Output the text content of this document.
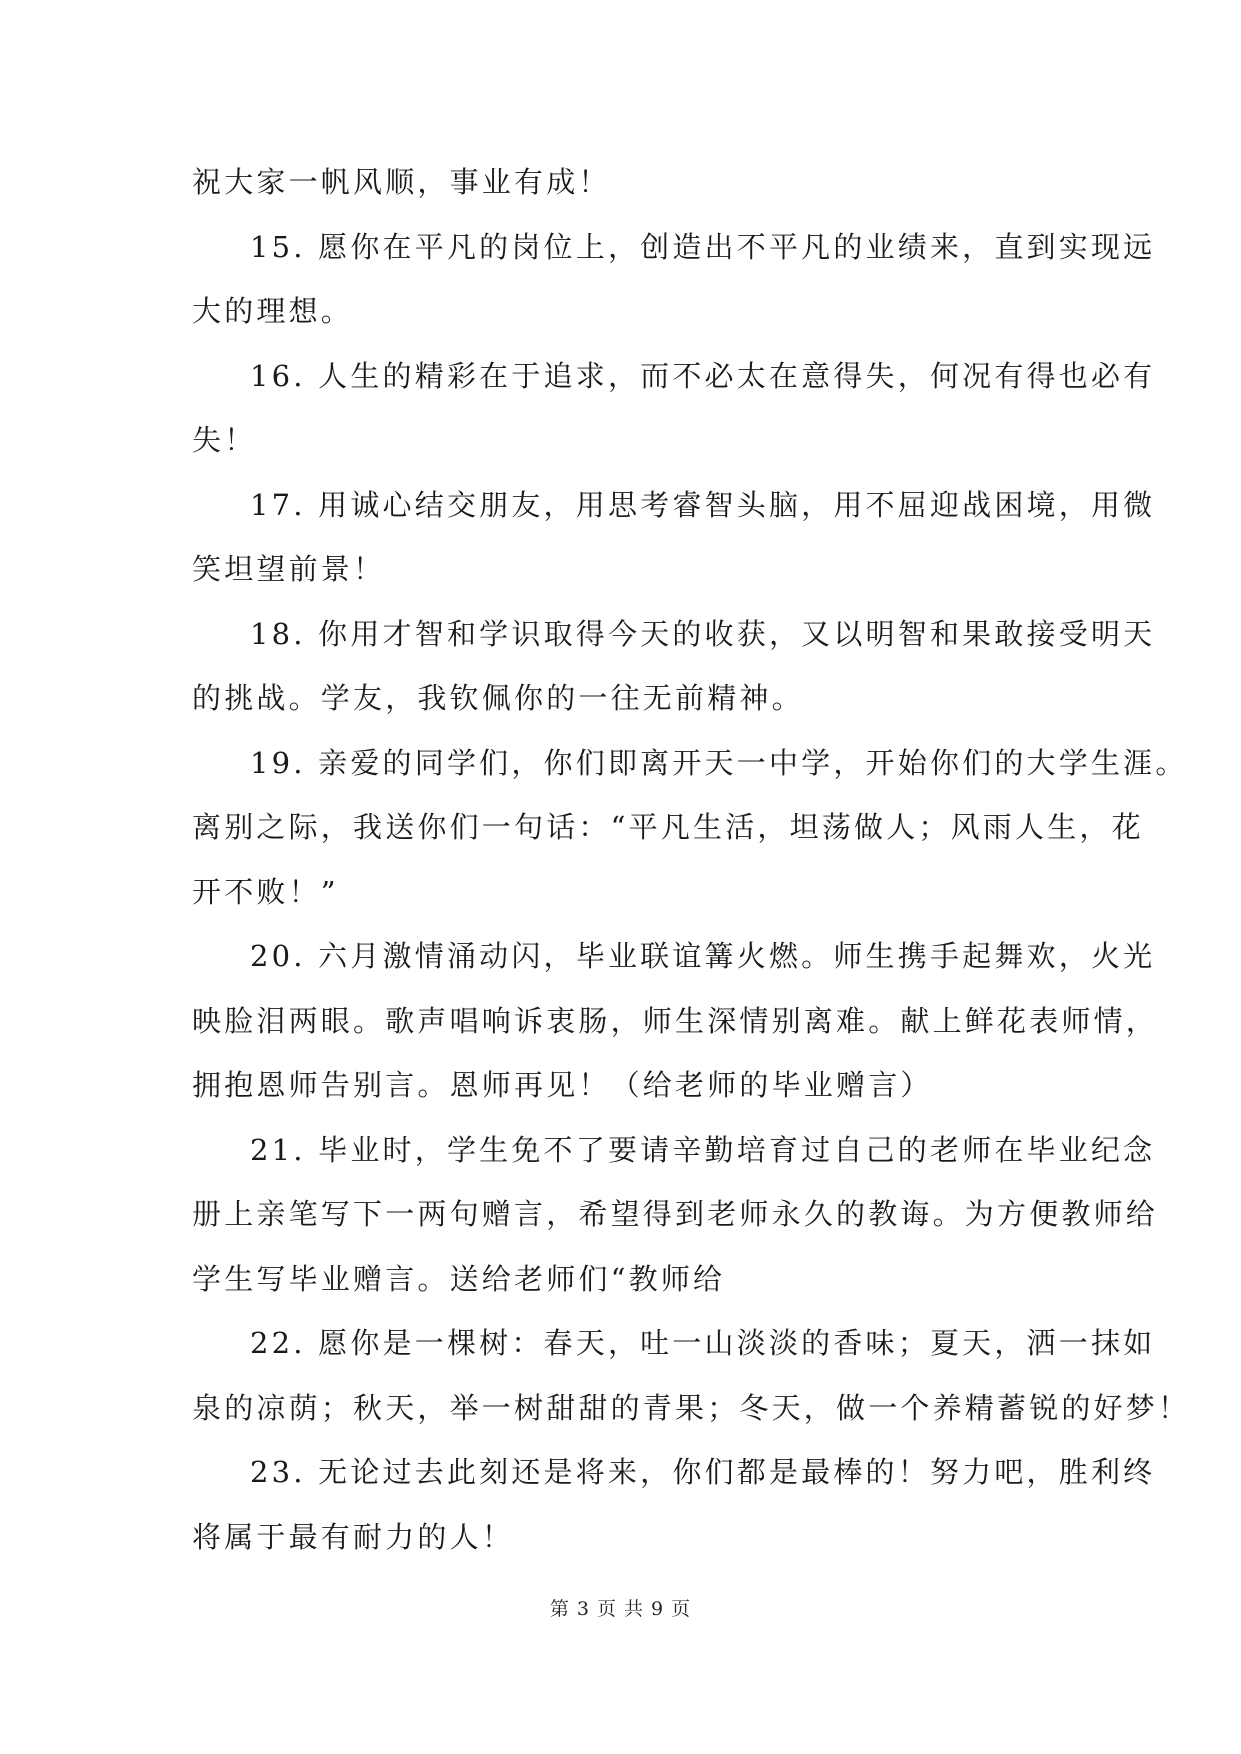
祝大家一帆风顺，事业有成！
15. 愿你在平凡的岗位上，创造出不平凡的业绩来，直到实现远
大的理想。
16. 人生的精彩在于追求，而不必太在意得失，何况有得也必有
失！
17. 用诚心结交朋友，用思考睿智头脑，用不屈迎战困境，用微
笑坦望前景！
18. 你用才智和学识取得今天的收获，又以明智和果敢接受明天
的挑战。学友，我钦佩你的一往无前精神。
19. 亲爱的同学们，你们即离开天一中学，开始你们的大学生涯。
离别之际，我送你们一句话：“平凡生活，坦荡做人；风雨人生，花
开不败！”
20. 六月激情涌动闪，毕业联谊篝火燃。师生携手起舞欢，火光
映脸泪两眼。歌声唱响诉衷肠，师生深情别离难。献上鲜花表师情，
拥抱恩师告别言。恩师再见！（给老师的毕业赠言）
21. 毕业时，学生免不了要请辛勤培育过自己的老师在毕业纪念
册上亲笔写下一两句赠言，希望得到老师永久的教诲。为方便教师给
学生写毕业赠言。送给老师们“教师给
22. 愿你是一棵树：春天，吐一山淡淡的香味；夏天，洒一抹如
泉的凉荫；秋天，举一树甜甜的青果；冬天，做一个养精蓄锐的好梦！
23. 无论过去此刻还是将来，你们都是最棒的！努力吧，胜利终
将属于最有耐力的人！
第 3 页 共 9 页
